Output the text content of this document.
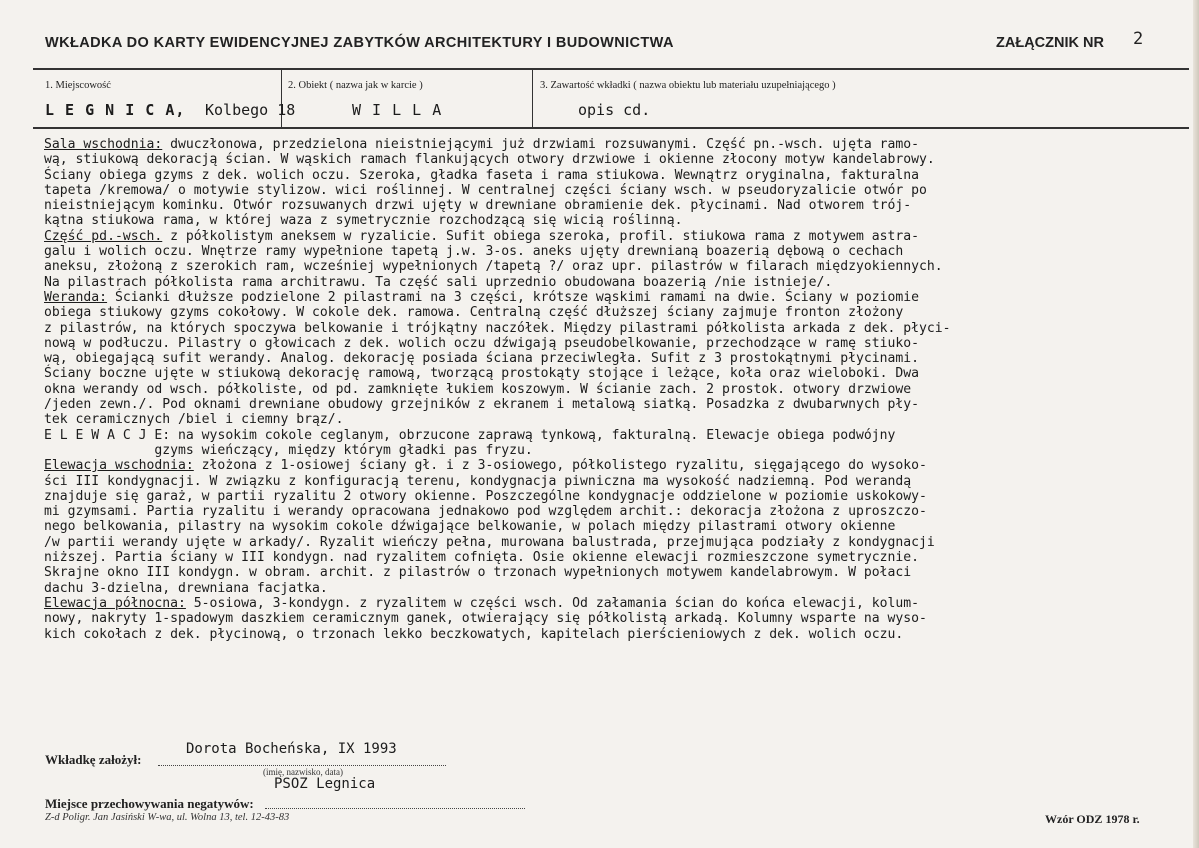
WKŁADKA DO KARTY EWIDENCYJNEJ ZABYTKÓW ARCHITEKTURY I BUDOWNICTWA	ZAŁĄCZNIK NR 2
1. Miejscowość	2. Obiekt ( nazwa jak w karcie )	3. Zawartość wkładki ( nazwa obiektu lub materiału uzupełniającego )
L E G N I C A, Kolbego 18	W I L L A	opis cd.
Sala wschodnia: dwuczłonowa, przedzielona nieistniejącymi już drzwiami rozsuwanymi. Część pn.-wsch. ujęta ramo-
wą, stiukową dekoracją ścian. W wąskich ramach flankujących otwory drzwiowe i okienne złocony motyw kandelabrowy.
Ściany obiega gzyms z dek. wolich oczu. Szeroka, gładka faseta i rama stiukowa. Wewnątrz oryginalna, fakturalna
tapeta /kremowa/ o motywie stylizow. wici roślinnej. W centralnej części ściany wsch. w pseudoryzalicie otwór po
nieistniejącym kominku. Otwór rozsuwanych drzwi ujęty w drewniane obramienie dek. płycinami. Nad otworem trój-
kątna stiukowa rama, w której waza z symetrycznie rozchodzącą się wicią roślinną.
Część pd.-wsch. z półkolistym aneksem w ryzalicie. Sufit obiega szeroka, profil. stiukowa rama z motywem astra-
galu i wolich oczu. Wnętrze ramy wypełnione tapetą j.w. 3-os. aneks ujęty drewnianą boazerią dębową o cechach
aneksu, złożoną z szerokich ram, wcześniej wypełnionych /tapetą ?/ oraz upr. pilastrów w filarach międzyokiennych.
Na pilastrach półkolista rama architrawu. Ta część sali uprzednio obudowana boazerią /nie istnieje/.
Weranda: Ścianki dłuższe podzielone 2 pilastrami na 3 części, krótsze wąskimi ramami na dwie. Ściany w poziomie
obiega stiukowy gzyms cokołowy. W cokole dek. ramowa. Centralną część dłuższej ściany zajmuje fronton złożony
z pilastrów, na których spoczywa belkowanie i trójkątny naczółek. Między pilastrami półkolista arkada z dek. płyci-
nową w podłuczu. Pilastry o głowicach z dek. wolich oczu dźwigają pseudobelkowanie, przechodzące w ramę stiuko-
wą, obiegającą sufit werandy. Analog. dekorację posiada ściana przeciwległa. Sufit z 3 prostokątnymi płycinami.
Ściany boczne ujęte w stiukową dekorację ramową, tworzącą prostokąty stojące i leżące, koła oraz wieloboki. Dwa
okna werandy od wsch. półkoliste, od pd. zamknięte łukiem koszowym. W ścianie zach. 2 prostok. otwory drzwiowe
/jeden zewn./. Pod oknami drewniane obudowy grzejników z ekranem i metalową siatką. Posadzka z dwubarwnych pły-
tek ceramicznych /biel i ciemny brąz/.
E L E W A C J E: na wysokim cokole ceglanym, obrzucone zaprawą tynkową, fakturalną. Elewacje obiega podwójny
gzyms wieńczący, między którym gładki pas fryzu.
Elewacja wschodnia: złożona z 1-osiowej ściany gł. i z 3-osiowego, półkolistego ryzalitu, sięgającego do wysoko-
ści III kondygnacji. W związku z konfiguracją terenu, kondygnacja piwniczna ma wysokość nadziemną. Pod werandą
znajduje się garaż, w partii ryzalitu 2 otwory okienne. Poszczególne kondygnacje oddzielone w poziomie uskokowy-
mi gzymsami. Partia ryzalitu i werandy opracowana jednakowo pod względem archit.: dekoracja złożona z uproszczo-
nego belkowania, pilastry na wysokim cokole dźwigające belkowanie, w polach między pilastrami otwory okienne
/w partii werandy ujęte w arkady/. Ryzalit wieńczy pełna, murowana balustrada, przejmująca podziały z kondygnacji
niższej. Partia ściany w III kondygn. nad ryzalitem cofnięta. Osie okienne elewacji rozmieszczone symetrycznie.
Skrajne okno III kondygn. w obram. archit. z pilastrów o trzonach wypełnionych motywem kandelabrowym. W połaci
dachu 3-dzielna, drewniana facjatka.
Elewacja północna: 5-osiowa, 3-kondygn. z ryzalitem w części wsch. Od załamania ścian do końca elewacji, kolum-
nowy, nakryty 1-spadowym daszkiem ceramicznym ganek, otwierający się półkolistą arkadą. Kolumny wsparte na wyso-
kich cokołach z dek. płycinową, o trzonach lekko beczkowatych, kapitelach pierścieniowych z dek. wolich oczu.
Wkładkę założył:
Dorota Bocheńska, IX 1993
(imię, nazwisko, data)
PSOZ Legnica
Miejsce przechowywania negatywów:
Z-d Poligr. Jan Jasiński W-wa, ul. Wolna 13, tel. 12-43-83	Wzór ODZ 1978 r.
